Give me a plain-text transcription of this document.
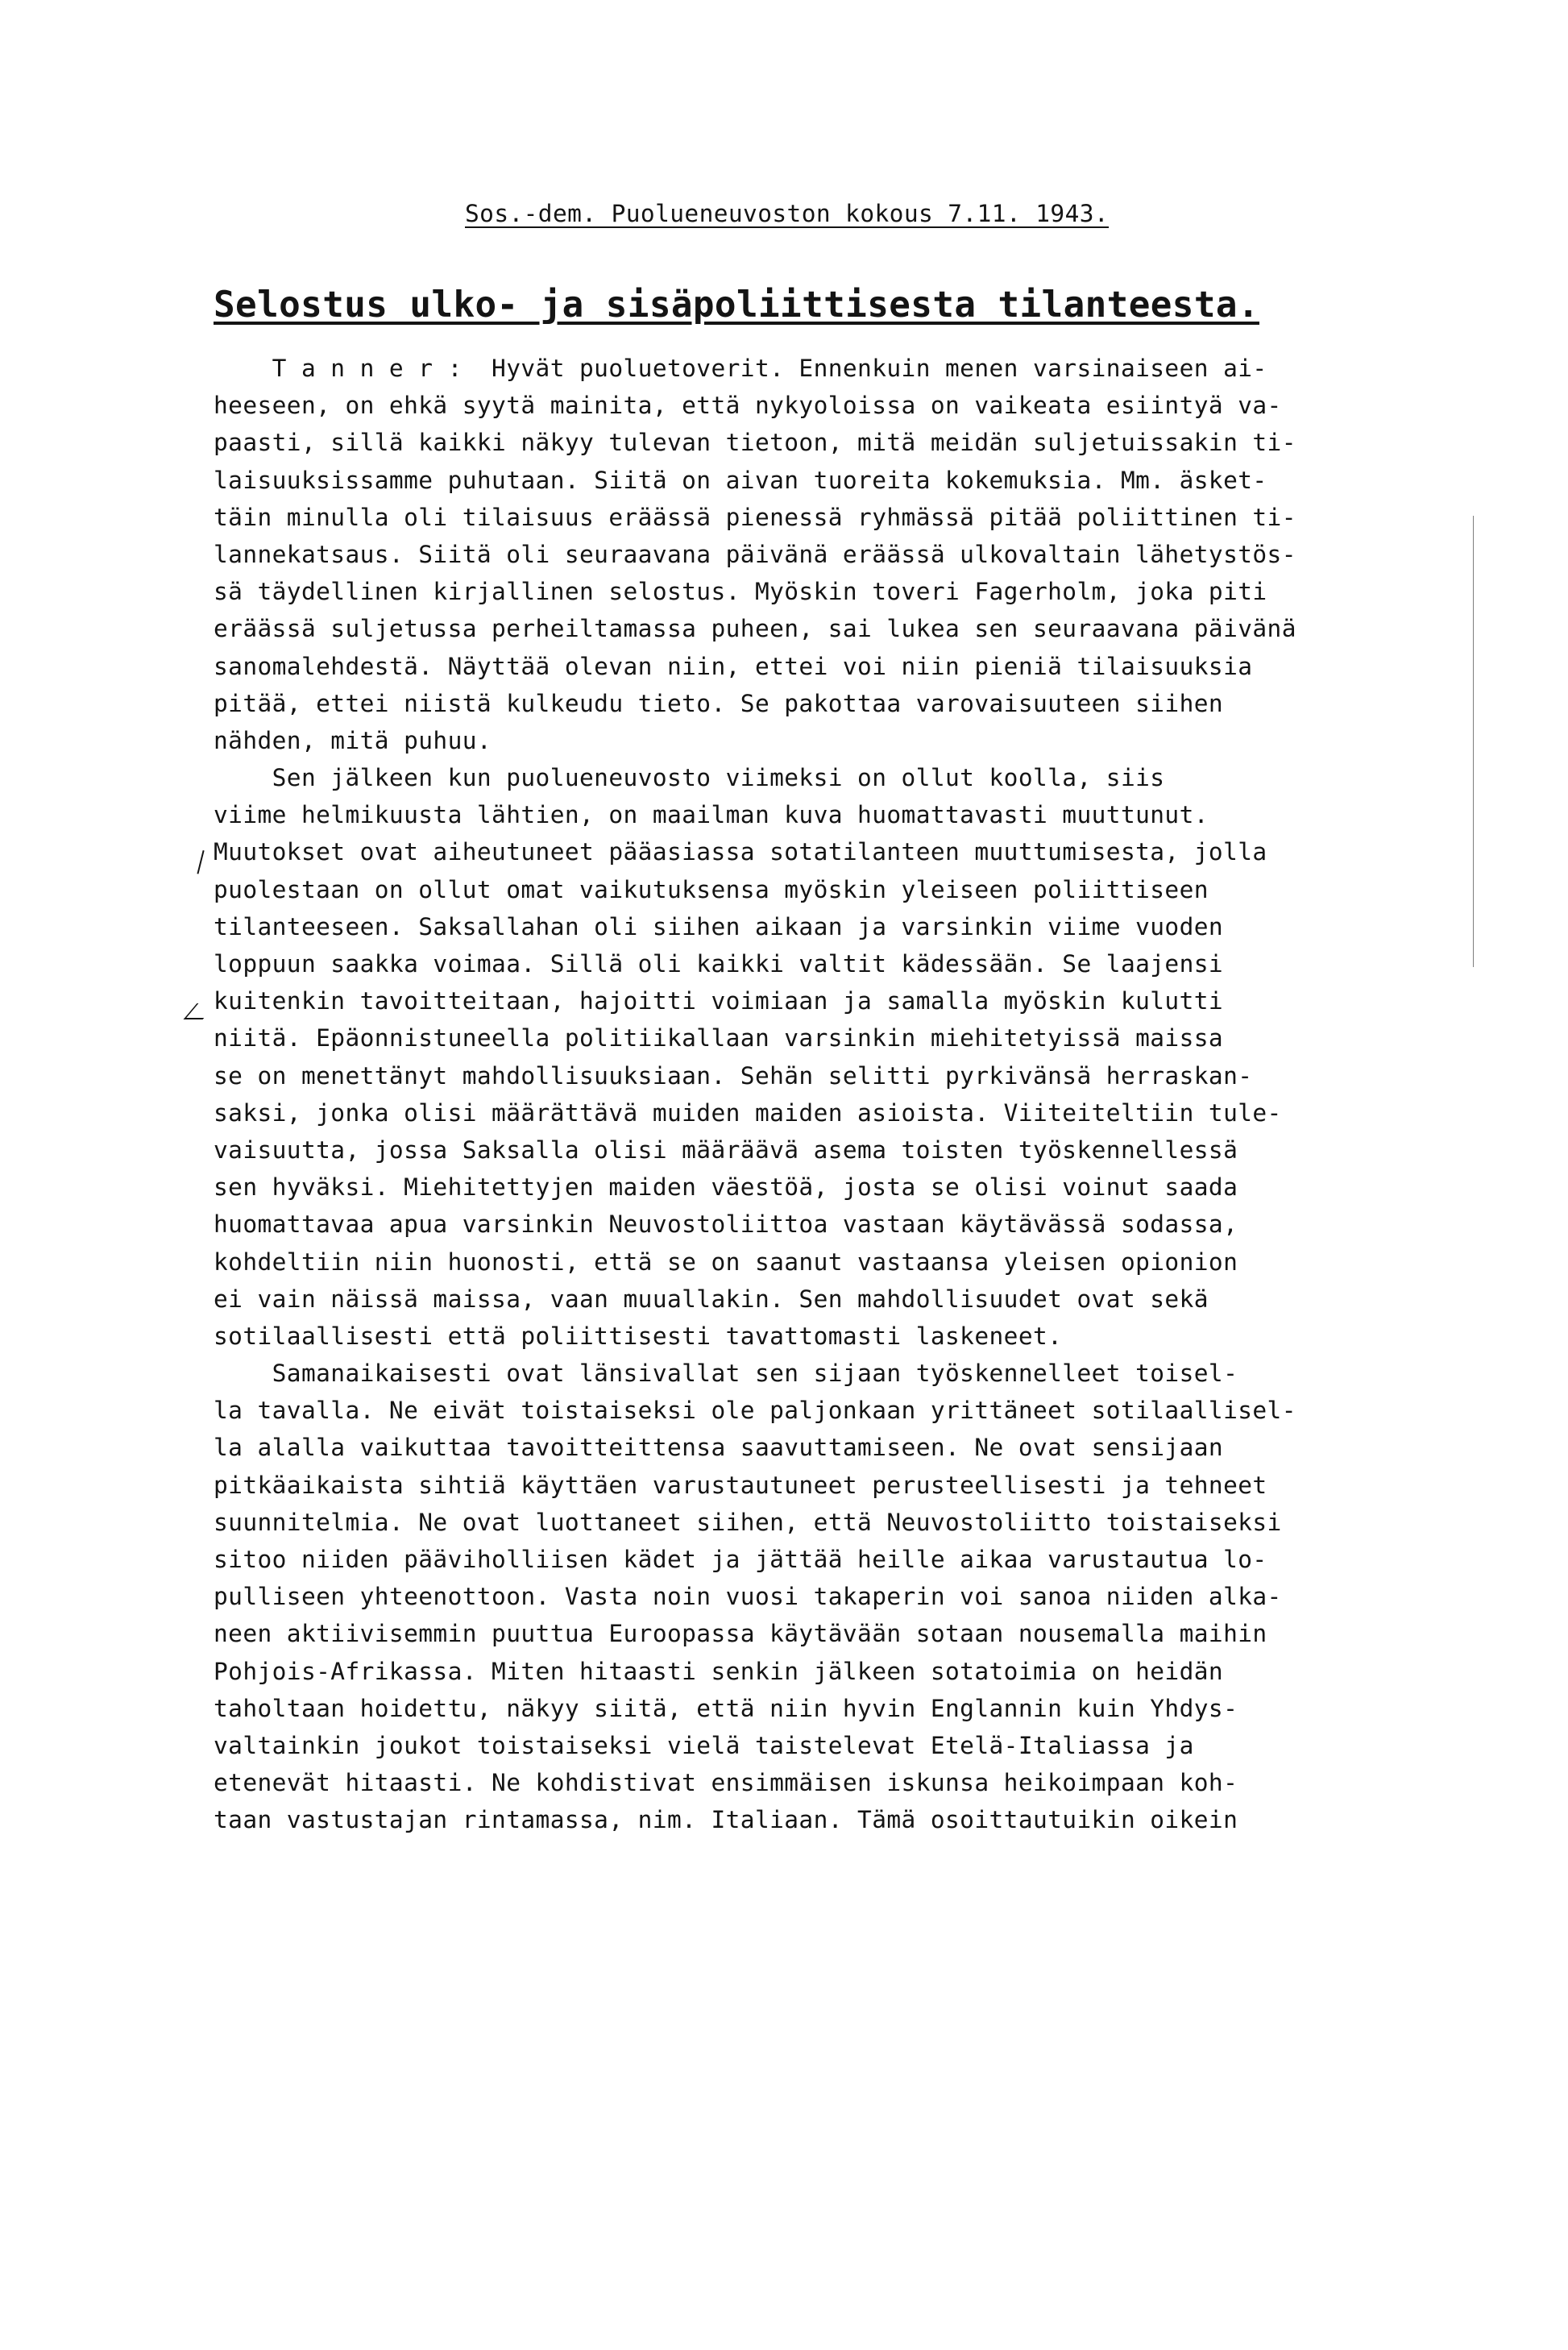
Sos.-dem. Puolueneuvoston kokous 7.11. 1943.
Selostus ulko- ja sisäpoliittisesta tilanteesta.
T a n n e r :  Hyvät puoluetoverit. Ennenkuin menen varsinaiseen ai-
heeseen, on ehkä syytä mainita, että nykyoloissa on vaikeata esiintyä va-
paasti, sillä kaikki näkyy tulevan tietoon, mitä meidän suljetuissakin ti-
laisuuksissamme puhutaan. Siitä on aivan tuoreita kokemuksia. Mm. äsket-
täin minulla oli tilaisuus eräässä pienessä ryhmässä pitää poliittinen ti-
lannekatsaus. Siitä oli seuraavana päivänä eräässä ulkovaltain lähetystös-
sä täydellinen kirjallinen selostus. Myöskin toveri Fagerholm, joka piti
eräässä suljetussa perheiltamassa puheen, sai lukea sen seuraavana päivänä
sanomalehdestä. Näyttää olevan niin, ettei voi niin pieniä tilaisuuksia
pitää, ettei niistä kulkeudu tieto. Se pakottaa varovaisuuteen siihen
nähden, mitä puhuu.
Sen jälkeen kun puolueneuvosto viimeksi on ollut koolla, siis
viime helmikuusta lähtien, on maailman kuva huomattavasti muuttunut.
Muutokset ovat aiheutuneet pääasiassa sotatilanteen muuttumisesta, jolla
puolestaan on ollut omat vaikutuksensa myöskin yleiseen poliittiseen
tilanteeseen. Saksallahan oli siihen aikaan ja varsinkin viime vuoden
loppuun saakka voimaa. Sillä oli kaikki valtit kädessään. Se laajensi
kuitenkin tavoitteitaan, hajoitti voimiaan ja samalla myöskin kulutti
niitä. Epäonnistuneella politiikallaan varsinkin miehitetyissä maissa
se on menettänyt mahdollisuuksiaan. Sehän selitti pyrkivänsä herraskan-
saksi, jonka olisi määrättävä muiden maiden asioista. Viiteiteltiin tule-
vaisuutta, jossa Saksalla olisi määräävä asema toisten työskennellessä
sen hyväksi. Miehitettyjen maiden väestöä, josta se olisi voinut saada
huomattavaa apua varsinkin Neuvostoliittoa vastaan käytävässä sodassa,
kohdeltiin niin huonosti, että se on saanut vastaansa yleisen opionion
ei vain näissä maissa, vaan muuallakin. Sen mahdollisuudet ovat sekä
sotilaallisesti että poliittisesti tavattomasti laskeneet.
Samanaikaisesti ovat länsivallat sen sijaan työskennelleet toisel-
la tavalla. Ne eivät toistaiseksi ole paljonkaan yrittäneet sotilaallisel-
la alalla vaikuttaa tavoitteittensa saavuttamiseen. Ne ovat sensijaan
pitkäaikaista sihtiä käyttäen varustautuneet perusteellisesti ja tehneet
suunnitelmia. Ne ovat luottaneet siihen, että Neuvostoliitto toistaiseksi
sitoo niiden pääviholliisen kädet ja jättää heille aikaa varustautua lo-
pulliseen yhteenottoon. Vasta noin vuosi takaperin voi sanoa niiden alka-
neen aktiivisemmin puuttua Euroopassa käytävään sotaan nousemalla maihin
Pohjois-Afrikassa. Miten hitaasti senkin jälkeen sotatoimia on heidän
taholtaan hoidettu, näkyy siitä, että niin hyvin Englannin kuin Yhdys-
valtainkin joukot toistaiseksi vielä taistelevat Etelä-Italiassa ja
etenevät hitaasti. Ne kohdistivat ensimmäisen iskunsa heikoimpaan koh-
taan vastustajan rintamassa, nim. Italiaan. Tämä osoittautuikin oikein
